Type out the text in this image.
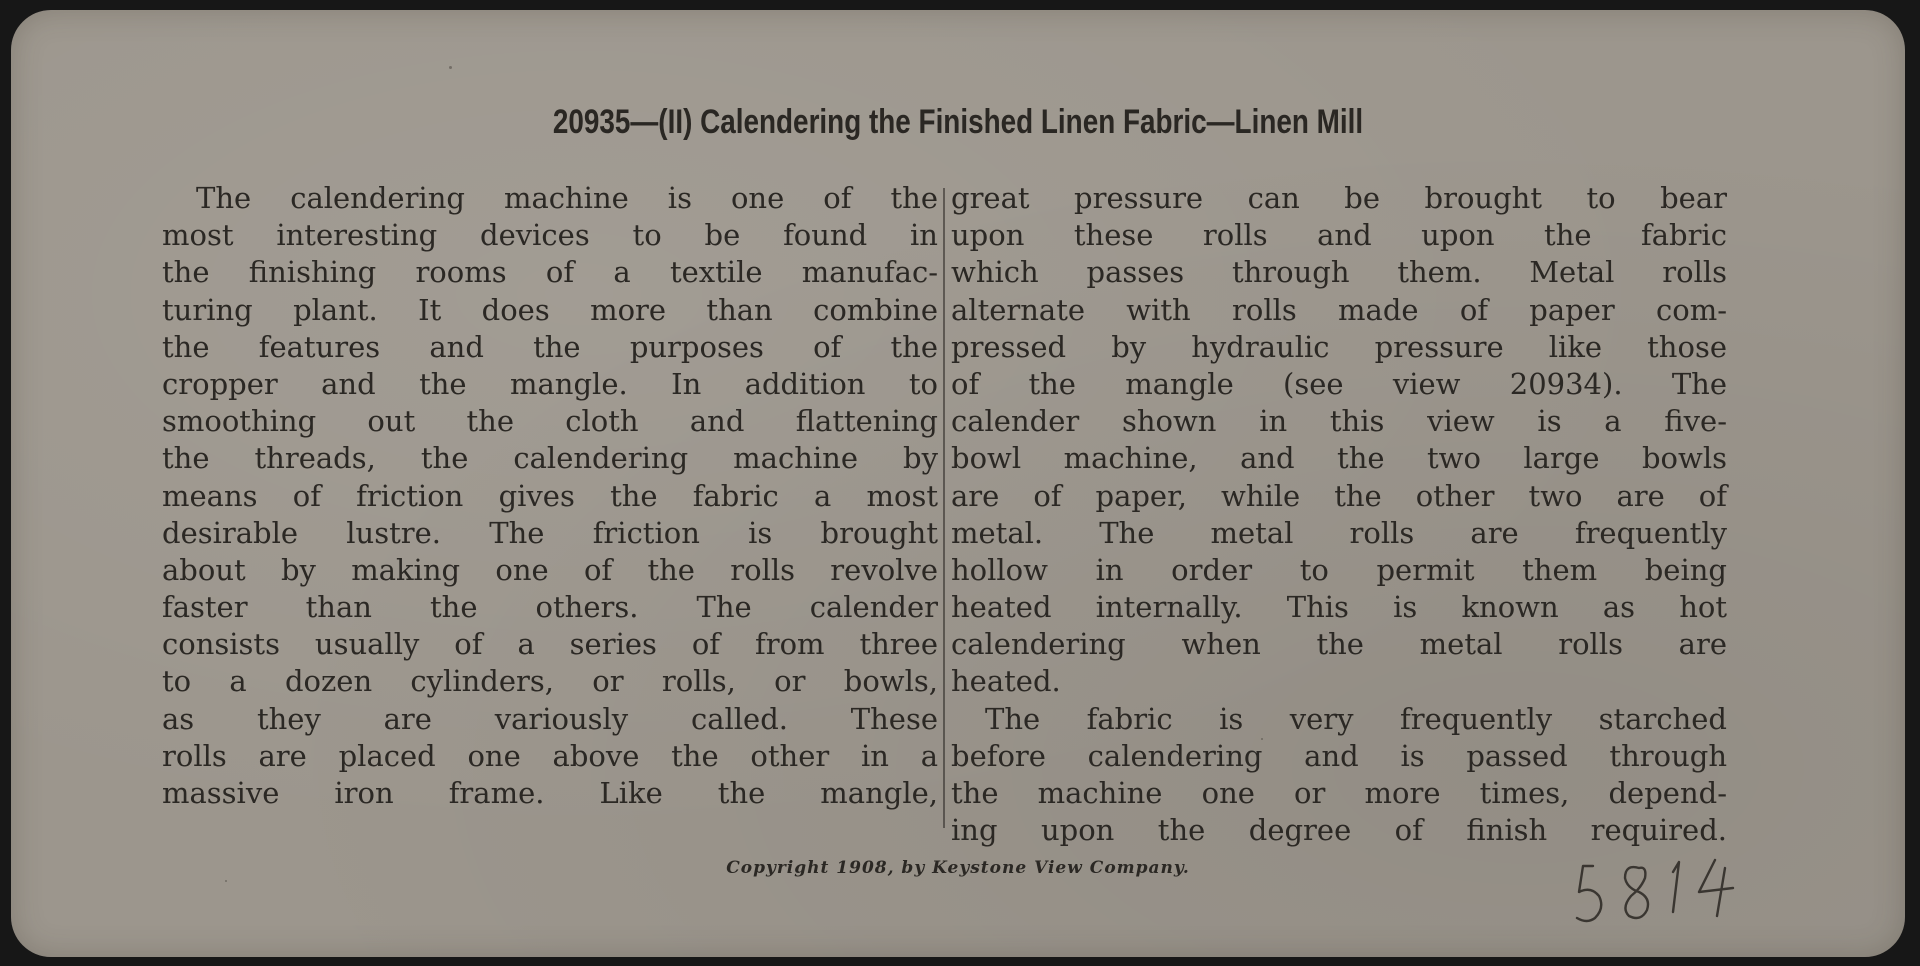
20935—(II) Calendering the Finished Linen Fabric—Linen Mill
The calendering machine is one of the
most interesting devices to be found in
the finishing rooms of a textile manufac-
turing plant. It does more than combine
the features and the purposes of the
cropper and the mangle. In addition to
smoothing out the cloth and flattening
the threads, the calendering machine by
means of friction gives the fabric a most
desirable lustre. The friction is brought
about by making one of the rolls revolve
faster than the others. The calender
consists usually of a series of from three
to a dozen cylinders, or rolls, or bowls,
as they are variously called. These
rolls are placed one above the other in a
massive iron frame. Like the mangle,
great pressure can be brought to bear
upon these rolls and upon the fabric
which passes through them. Metal rolls
alternate with rolls made of paper com-
pressed by hydraulic pressure like those
of the mangle (see view 20934). The
calender shown in this view is a five-
bowl machine, and the two large bowls
are of paper, while the other two are of
metal. The metal rolls are frequently
hollow in order to permit them being
heated internally. This is known as hot
calendering when the metal rolls are
heated.
The fabric is very frequently starched
before calendering and is passed through
the machine one or more times, depend-
ing upon the degree of finish required.
Copyright 1908, by Keystone View Company.
